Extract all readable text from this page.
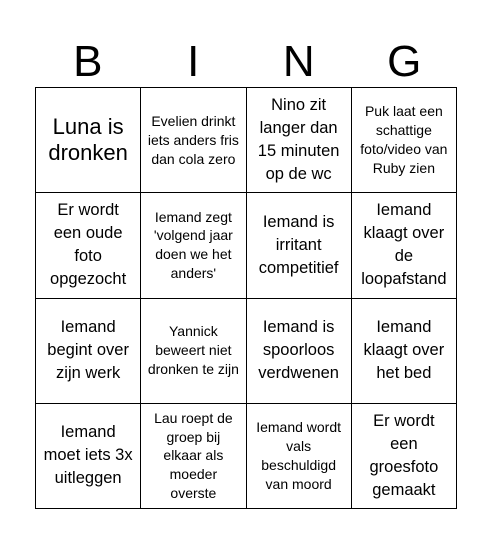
B	I	N	G
Luna is dronken
Evelien drinkt iets anders fris dan cola zero
Nino zit langer dan 15 minuten op de wc
Puk laat een schattige foto/video van Ruby zien
Er wordt een oude foto opgezocht
Iemand zegt 'volgend jaar doen we het anders'
Iemand is irritant competitief
Iemand klaagt over de loopafstand
Iemand begint over zijn werk
Yannick beweert niet dronken te zijn
Iemand is spoorloos verdwenen
Iemand klaagt over het bed
Iemand moet iets 3x uitleggen
Lau roept de groep bij elkaar als moeder overste
Iemand wordt vals beschuldigd van moord
Er wordt een groesfoto gemaakt
